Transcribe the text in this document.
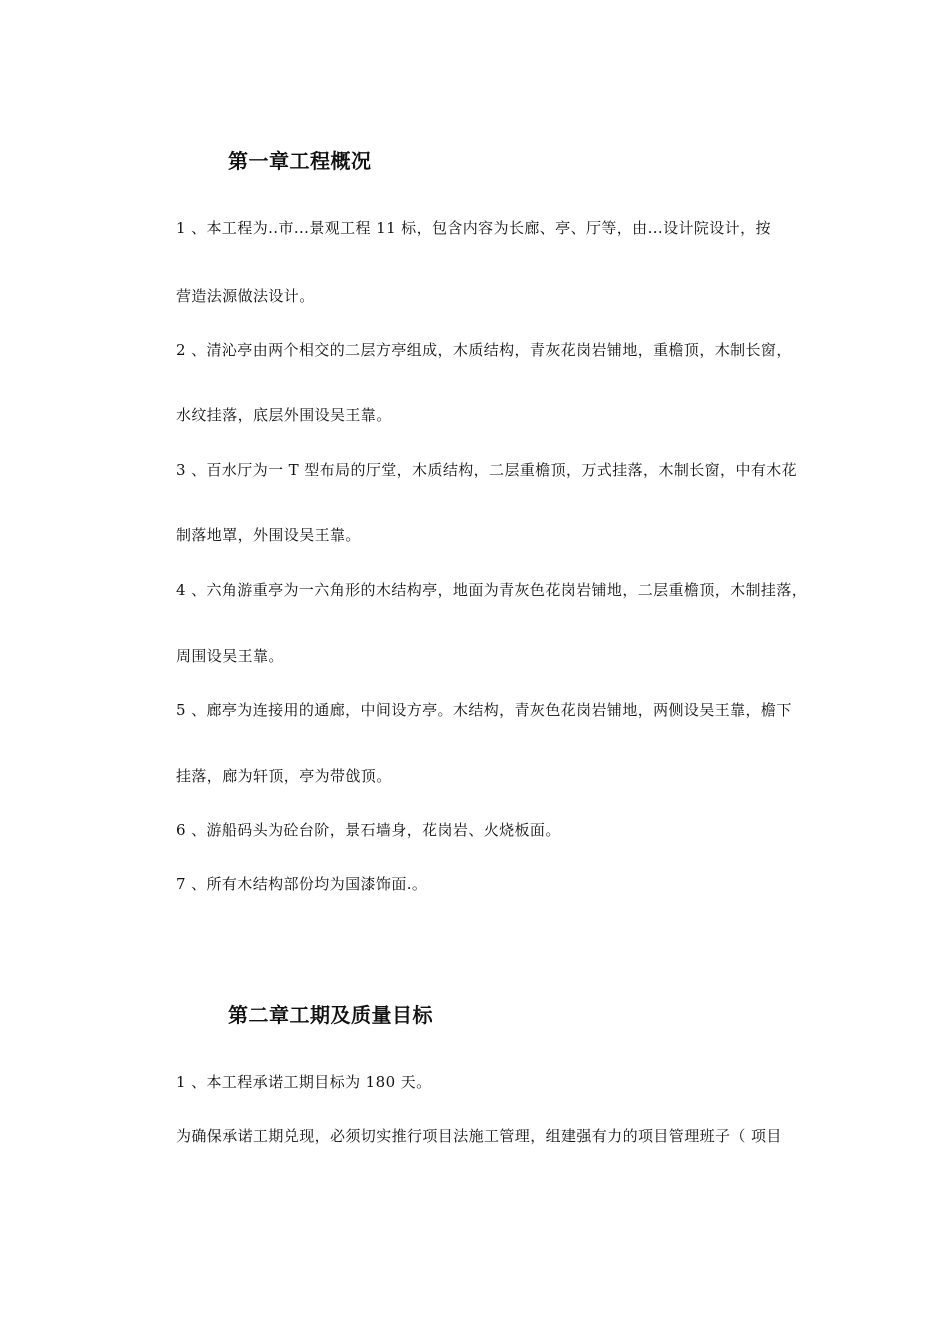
第一章工程概况

1 、本工程为..市...景观工程 11 标，包含内容为长廊、亭、厅等，由...设计院设计，按

营造法源做法设计。

2 、清沁亭由两个相交的二层方亭组成，木质结构，青灰花岗岩铺地，重檐顶，木制长窗，

水纹挂落，底层外围设吴王靠。

3 、百水厅为一 T 型布局的厅堂，木质结构，二层重檐顶，万式挂落，木制长窗，中有木花

制落地罩，外围设吴王靠。

4 、六角游重亭为一六角形的木结构亭，地面为青灰色花岗岩铺地，二层重檐顶，木制挂落，

周围设吴王靠。

5 、廊亭为连接用的通廊，中间设方亭。木结构，青灰色花岗岩铺地，两侧设吴王靠，檐下

挂落，廊为轩顶，亭为带戗顶。

6 、游船码头为砼台阶，景石墙身，花岗岩、火烧板面。

7 、所有木结构部份均为国漆饰面.。

第二章工期及质量目标

1 、本工程承诺工期目标为 180 天。

为确保承诺工期兑现，必须切实推行项目法施工管理，组建强有力的项目管理班子（ 项目
